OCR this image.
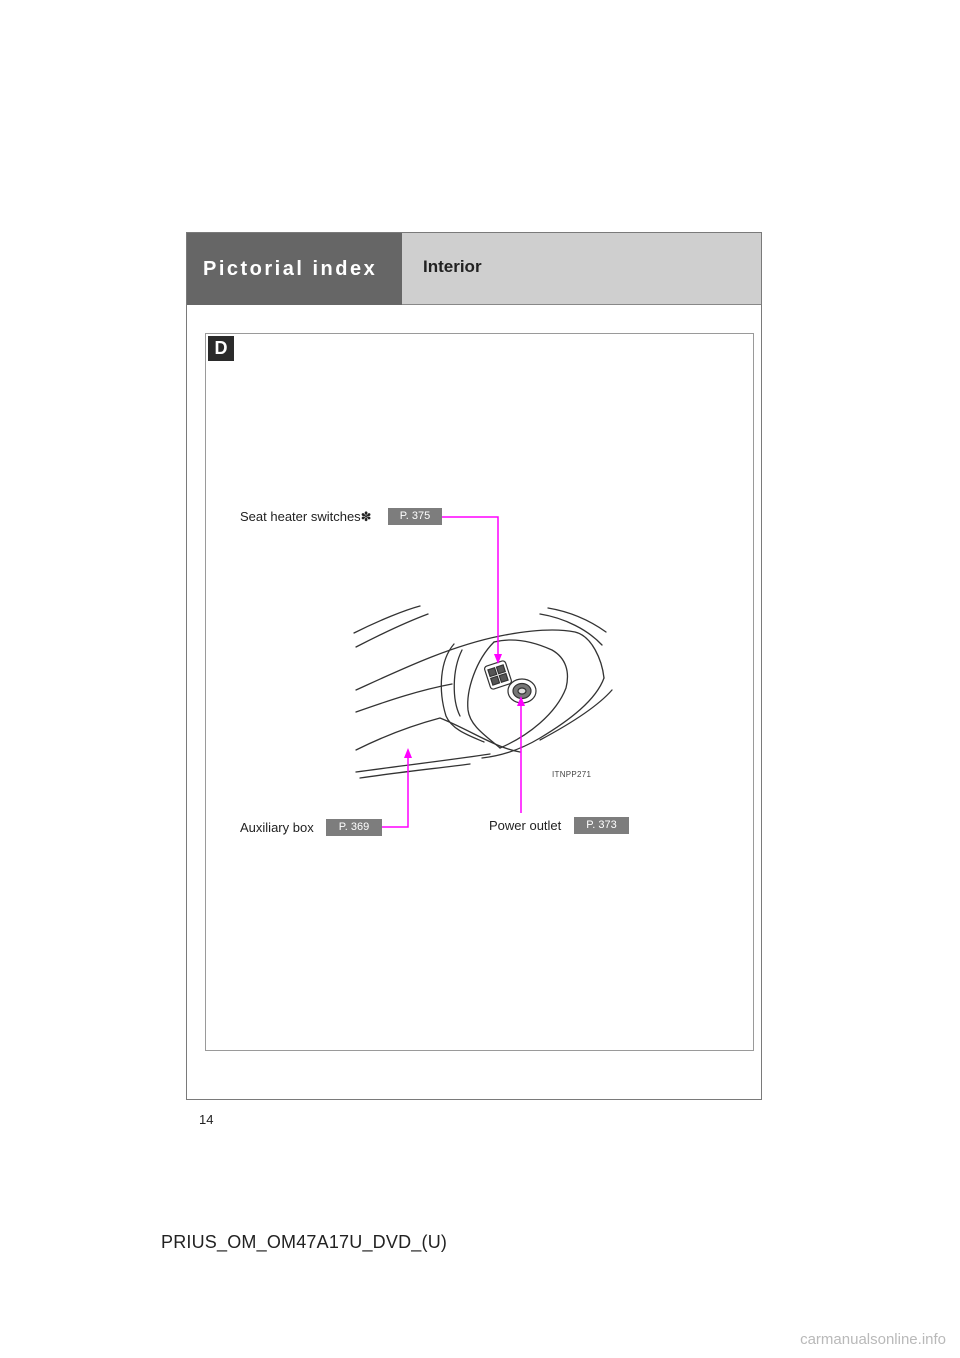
Pictorial index	Interior
D
ITNPP271
Seat heater switches✽	P. 375
Auxiliary box	P. 369	Power outlet	P. 373
14
PRIUS_OM_OM47A17U_DVD_(U)
carmanualsonline.info
